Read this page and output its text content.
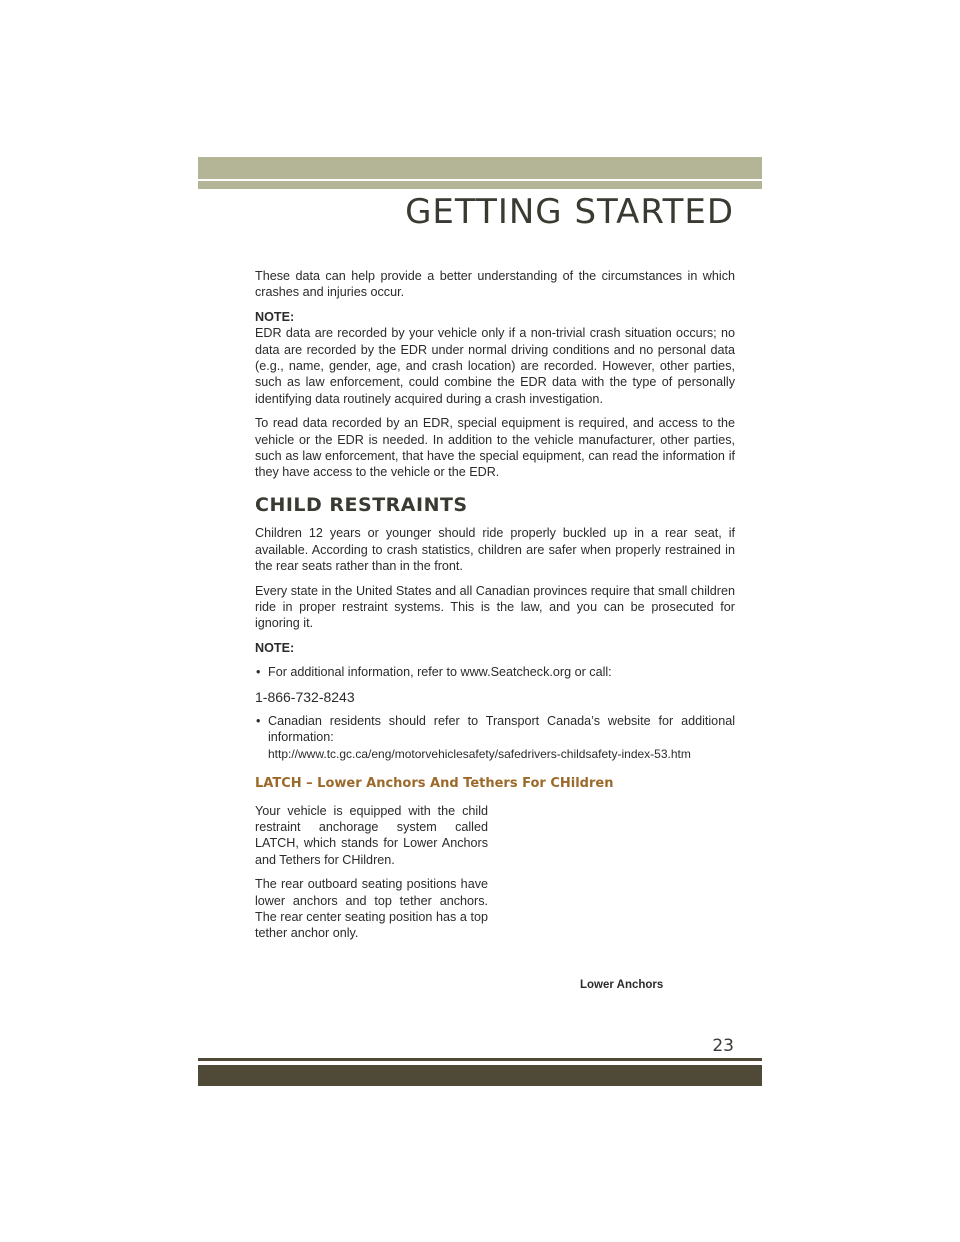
GETTING STARTED

These data can help provide a better understanding of the circumstances in which crashes and injuries occur.

NOTE:

EDR data are recorded by your vehicle only if a non-trivial crash situation occurs; no data are recorded by the EDR under normal driving conditions and no personal data (e.g., name, gender, age, and crash location) are recorded. However, other parties, such as law enforcement, could combine the EDR data with the type of personally identifying data routinely acquired during a crash investigation.

To read data recorded by an EDR, special equipment is required, and access to the vehicle or the EDR is needed. In addition to the vehicle manufacturer, other parties, such as law enforcement, that have the special equipment, can read the information if they have access to the vehicle or the EDR.

CHILD RESTRAINTS

Children 12 years or younger should ride properly buckled up in a rear seat, if available. According to crash statistics, children are safer when properly restrained in the rear seats rather than in the front.

Every state in the United States and all Canadian provinces require that small children ride in proper restraint systems. This is the law, and you can be prosecuted for ignoring it.

NOTE:

• For additional information, refer to www.Seatcheck.org or call:
1-866-732-8243
• Canadian residents should refer to Transport Canada’s website for additional information:
http://www.tc.gc.ca/eng/motorvehiclesafety/safedrivers-childsafety-index-53.htm
LATCH – Lower Anchors And Tethers For CHildren

Your vehicle is equipped with the child restraint anchorage system called LATCH, which stands for Lower Anchors and Tethers for CHildren.

The rear outboard seating positions have lower anchors and top tether anchors. The rear center seating position has a top tether anchor only.

Lower Anchors
23
